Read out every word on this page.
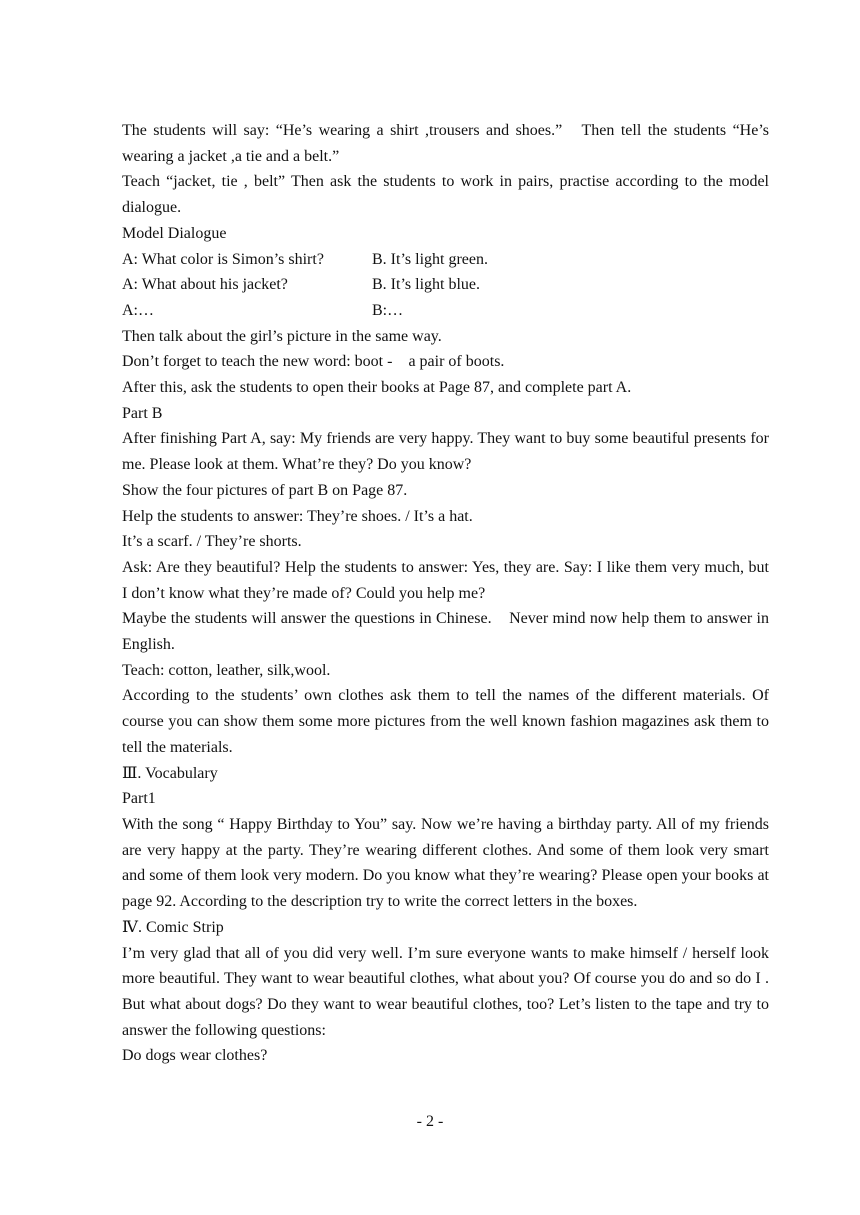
The students will say: “He’s wearing a shirt ,trousers and shoes.”   Then tell the students “He’s wearing a jacket ,a tie and a belt.”

Teach “jacket, tie , belt” Then ask the students to work in pairs, practise according to the model dialogue.

Model Dialogue

A: What color is Simon’s shirt?	B. It’s light green.
A: What about his jacket?	B. It’s light blue.
A:…	B:…

Then talk about the girl’s picture in the same way.

Don’t forget to teach the new word: boot -    a pair of boots.

After this, ask the students to open their books at Page 87, and complete part A.

Part B

After finishing Part A, say: My friends are very happy. They want to buy some beautiful presents for me. Please look at them. What’re they? Do you know?

Show the four pictures of part B on Page 87.

Help the students to answer: They’re shoes. / It’s a hat.

It’s a scarf. / They’re shorts.

Ask: Are they beautiful? Help the students to answer: Yes, they are. Say: I like them very much, but I don’t know what they’re made of? Could you help me?

Maybe the students will answer the questions in Chinese.    Never mind now help them to answer in English.

Teach: cotton, leather, silk,wool.

According to the students’ own clothes ask them to tell the names of the different materials. Of course you can show them some more pictures from the well known fashion magazines ask them to tell the materials.

Ⅲ. Vocabulary

Part1

With the song “ Happy Birthday to You” say. Now we’re having a birthday party. All of my friends are very happy at the party. They’re wearing different clothes. And some of them look very smart and some of them look very modern. Do you know what they’re wearing? Please open your books at page 92. According to the description try to write the correct letters in the boxes.

Ⅳ. Comic Strip

I’m very glad that all of you did very well. I’m sure everyone wants to make himself / herself look more beautiful. They want to wear beautiful clothes, what about you? Of course you do and so do I . But what about dogs? Do they want to wear beautiful clothes, too? Let’s listen to the tape and try to answer the following questions:

Do dogs wear clothes?

- 2 -
